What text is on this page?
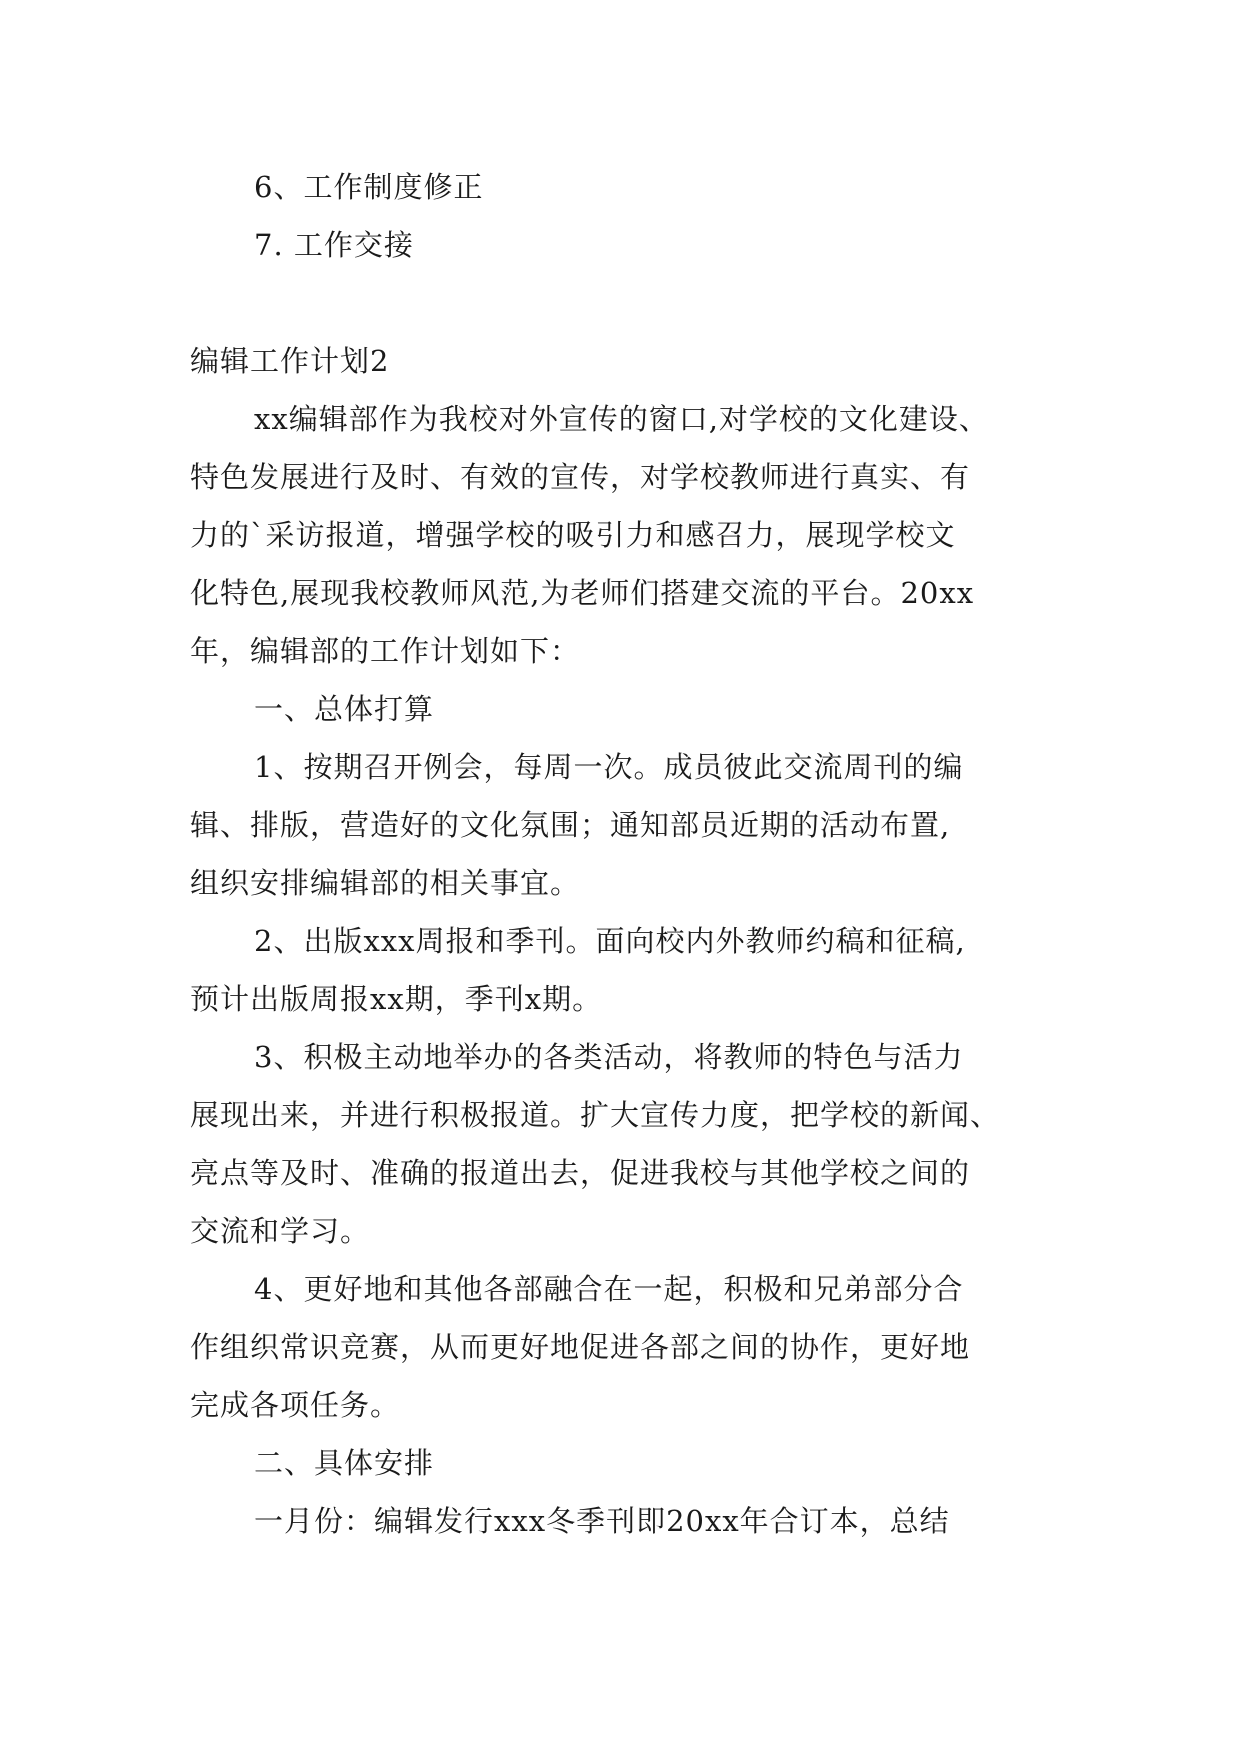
6、工作制度修正

7. 工作交接

编辑工作计划2

xx编辑部作为我校对外宣传的窗口,对学校的文化建设、

特色发展进行及时、有效的宣传，对学校教师进行真实、有

力的`采访报道，增强学校的吸引力和感召力，展现学校文

化特色,展现我校教师风范,为老师们搭建交流的平台。20xx

年，编辑部的工作计划如下：

一、总体打算

1、按期召开例会，每周一次。成员彼此交流周刊的编

辑、排版，营造好的文化氛围；通知部员近期的活动布置,

组织安排编辑部的相关事宜。

2、出版xxx周报和季刊。面向校内外教师约稿和征稿,

预计出版周报xx期，季刊x期。

3、积极主动地举办的各类活动，将教师的特色与活力

展现出来，并进行积极报道。扩大宣传力度，把学校的新闻、

亮点等及时、准确的报道出去，促进我校与其他学校之间的

交流和学习。

4、更好地和其他各部融合在一起，积极和兄弟部分合

作组织常识竞赛，从而更好地促进各部之间的协作，更好地

完成各项任务。

二、具体安排

一月份：编辑发行xxx冬季刊即20xx年合订本，总结
